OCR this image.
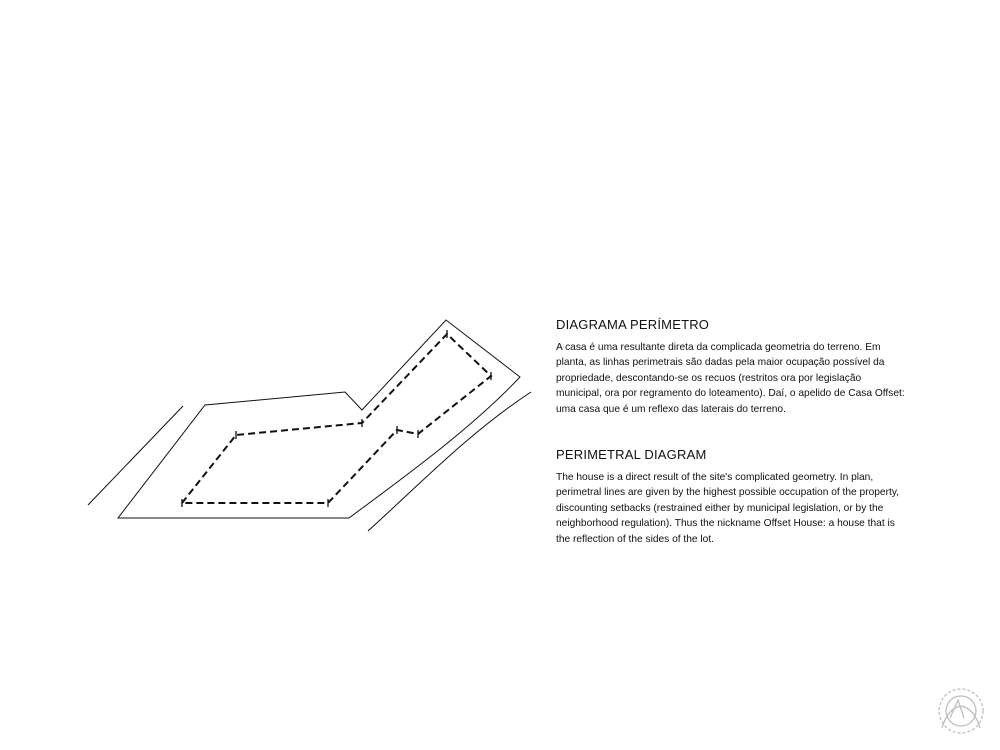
DIAGRAMA PERÍMETRO

A casa é uma resultante direta da complicada geometria do terreno. Em planta, as linhas perimetrais são dadas pela maior ocupação possível da propriedade, descontando-se os recuos (restritos ora por legislação municipal, ora por regramento do loteamento). Daí, o apelido de Casa Offset: uma casa que é um reflexo das laterais do terreno.

PERIMETRAL DIAGRAM

The house is a direct result of the site's complicated geometry. In plan, perimetral lines are given by the highest possible occupation of the property, discounting setbacks (restrained either by municipal legislation, or by the neighborhood regulation). Thus the nickname Offset House: a house that is the reflection of the sides of the lot.
